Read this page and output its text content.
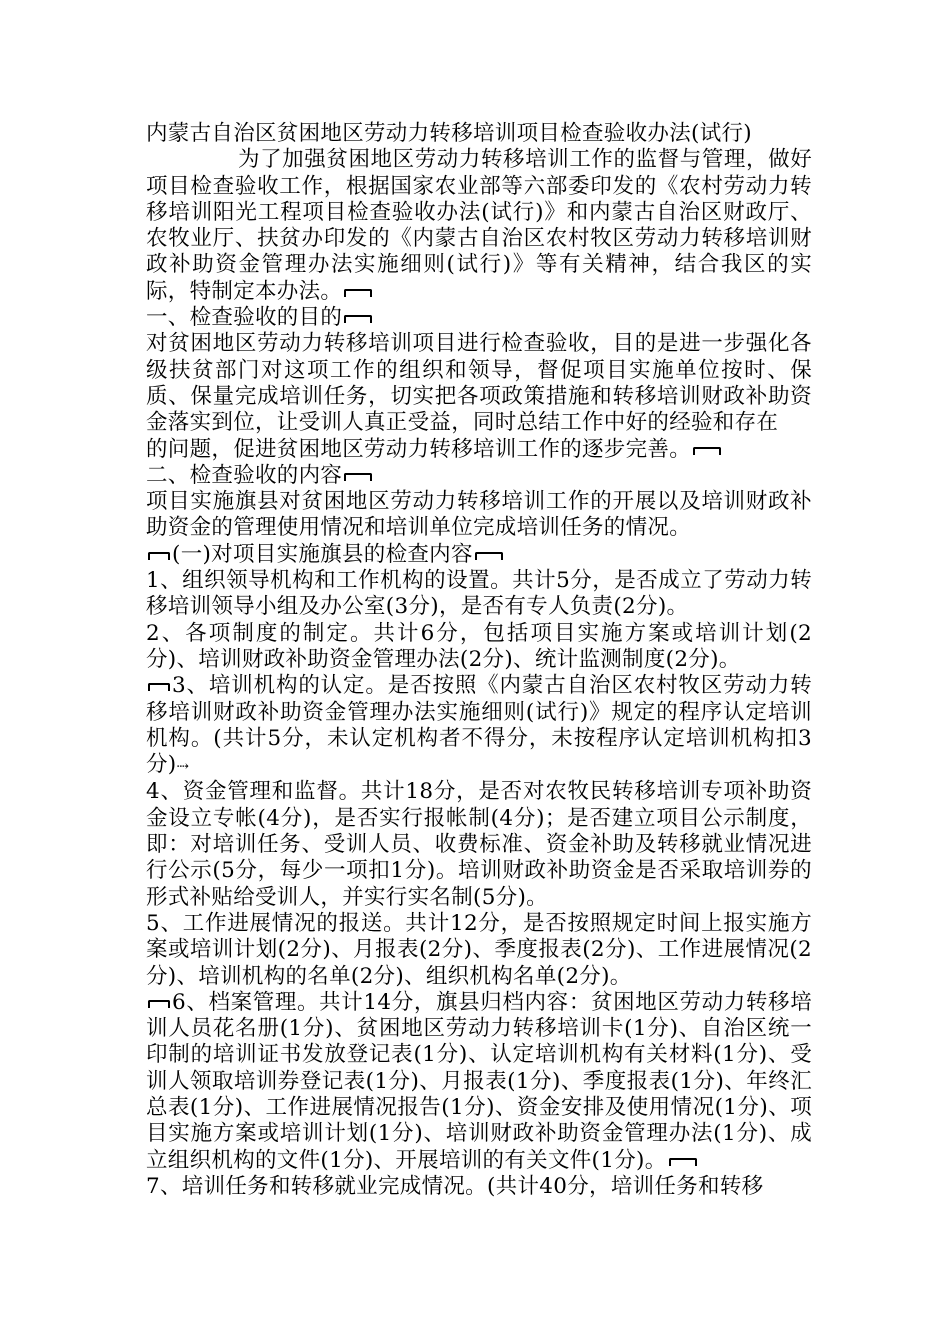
内蒙古自治区贫困地区劳动力转移培训项目检查验收办法(试行)

为了加强贫困地区劳动力转移培训工作的监督与管理，做好项目检查验收工作，根据国家农业部等六部委印发的《农村劳动力转移培训阳光工程项目检查验收办法(试行)》和内蒙古自治区财政厅、农牧业厅、扶贫办印发的《内蒙古自治区农村牧区劳动力转移培训财政补助资金管理办法实施细则(试行)》等有关精神，结合我区的实际，特制定本办法。

一、检查验收的目的

对贫困地区劳动力转移培训项目进行检查验收，目的是进一步强化各级扶贫部门对这项工作的组织和领导，督促项目实施单位按时、保质、保量完成培训任务，切实把各项政策措施和转移培训财政补助资金落实到位，让受训人真正受益，同时总结工作中好的经验和存在

的问题，促进贫困地区劳动力转移培训工作的逐步完善。

二、检查验收的内容

项目实施旗县对贫困地区劳动力转移培训工作的开展以及培训财政补助资金的管理使用情况和培训单位完成培训任务的情况。

(一)对项目实施旗县的检查内容

1、组织领导机构和工作机构的设置。共计5分，是否成立了劳动力转移培训领导小组及办公室(3分)，是否有专人负责(2分)。

2、各项制度的制定。共计6分，包括项目实施方案或培训计划(2分)、培训财政补助资金管理办法(2分)、统计监测制度(2分)。

3、培训机构的认定。是否按照《内蒙古自治区农村牧区劳动力转移培训财政补助资金管理办法实施细则(试行)》规定的程序认定培训机构。(共计5分，未认定机构者不得分，未按程序认定培训机构扣3分)⇢

4、资金管理和监督。共计18分，是否对农牧民转移培训专项补助资金设立专帐(4分)，是否实行报帐制(4分)；是否建立项目公示制度，即：对培训任务、受训人员、收费标准、资金补助及转移就业情况进行公示(5分，每少一项扣1分)。培训财政补助资金是否采取培训券的形式补贴给受训人，并实行实名制(5分)。

5、工作进展情况的报送。共计12分，是否按照规定时间上报实施方案或培训计划(2分)、月报表(2分)、季度报表(2分)、工作进展情况(2分)、培训机构的名单(2分)、组织机构名单(2分)。

6、档案管理。共计14分，旗县归档内容：贫困地区劳动力转移培训人员花名册(1分)、贫困地区劳动力转移培训卡(1分)、自治区统一印制的培训证书发放登记表(1分)、认定培训机构有关材料(1分)、受训人领取培训券登记表(1分)、月报表(1分)、季度报表(1分)、年终汇总表(1分)、工作进展情况报告(1分)、资金安排及使用情况(1分)、项目实施方案或培训计划(1分)、培训财政补助资金管理办法(1分)、成立组织机构的文件(1分)、开展培训的有关文件(1分)。

7、培训任务和转移就业完成情况。(共计40分，培训任务和转移
